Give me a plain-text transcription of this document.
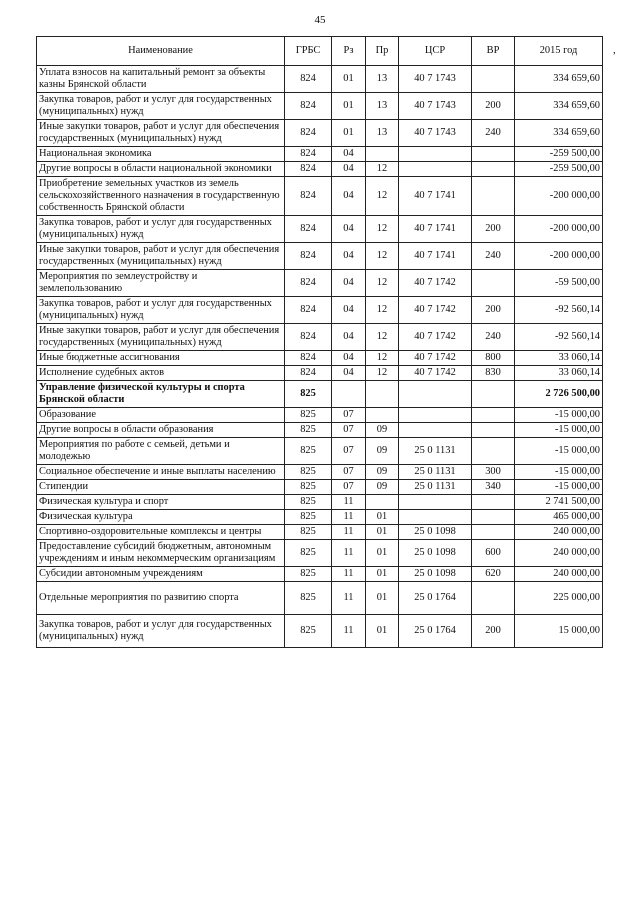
45
,
Наименование	ГРБС	Рз	Пр	ЦСР	ВР	2015 год
Уплата взносов на капитальный ремонт за объекты казны Брянской области	824	01	13	40 7 1743		334 659,60
Закупка товаров, работ и услуг для государственных (муниципальных) нужд	824	01	13	40 7 1743	200	334 659,60
Иные закупки товаров, работ и услуг для обеспечения государственных (муниципальных) нужд	824	01	13	40 7 1743	240	334 659,60
Национальная экономика	824	04				-259 500,00
Другие вопросы в области национальной экономики	824	04	12			-259 500,00
Приобретение земельных участков из земель сельскохозяйственного назначения в государственную собственность Брянской области	824	04	12	40 7 1741		-200 000,00
Закупка товаров, работ и услуг для государственных (муниципальных) нужд	824	04	12	40 7 1741	200	-200 000,00
Иные закупки товаров, работ и услуг для обеспечения государственных (муниципальных) нужд	824	04	12	40 7 1741	240	-200 000,00
Мероприятия по землеустройству и землепользованию	824	04	12	40 7 1742		-59 500,00
Закупка товаров, работ и услуг для государственных (муниципальных) нужд	824	04	12	40 7 1742	200	-92 560,14
Иные закупки товаров, работ и услуг для обеспечения государственных (муниципальных) нужд	824	04	12	40 7 1742	240	-92 560,14
Иные бюджетные ассигнования	824	04	12	40 7 1742	800	33 060,14
Исполнение судебных актов	824	04	12	40 7 1742	830	33 060,14
Управление физической культуры и спорта Брянской области	825					2 726 500,00
Образование	825	07				-15 000,00
Другие вопросы в области образования	825	07	09			-15 000,00
Мероприятия по работе с семьей, детьми и молодежью	825	07	09	25 0 1131		-15 000,00
Социальное обеспечение и иные выплаты населению	825	07	09	25 0 1131	300	-15 000,00
Стипендии	825	07	09	25 0 1131	340	-15 000,00
Физическая культура и спорт	825	11				2 741 500,00
Физическая культура	825	11	01			465 000,00
Спортивно-оздоровительные комплексы и центры	825	11	01	25 0 1098		240 000,00
Предоставление субсидий бюджетным, автономным учреждениям и иным некоммерческим организациям	825	11	01	25 0 1098	600	240 000,00
Субсидии автономным учреждениям	825	11	01	25 0 1098	620	240 000,00
Отдельные мероприятия по развитию спорта	825	11	01	25 0 1764		225 000,00
Закупка товаров, работ и услуг для государственных (муниципальных) нужд	825	11	01	25 0 1764	200	15 000,00
